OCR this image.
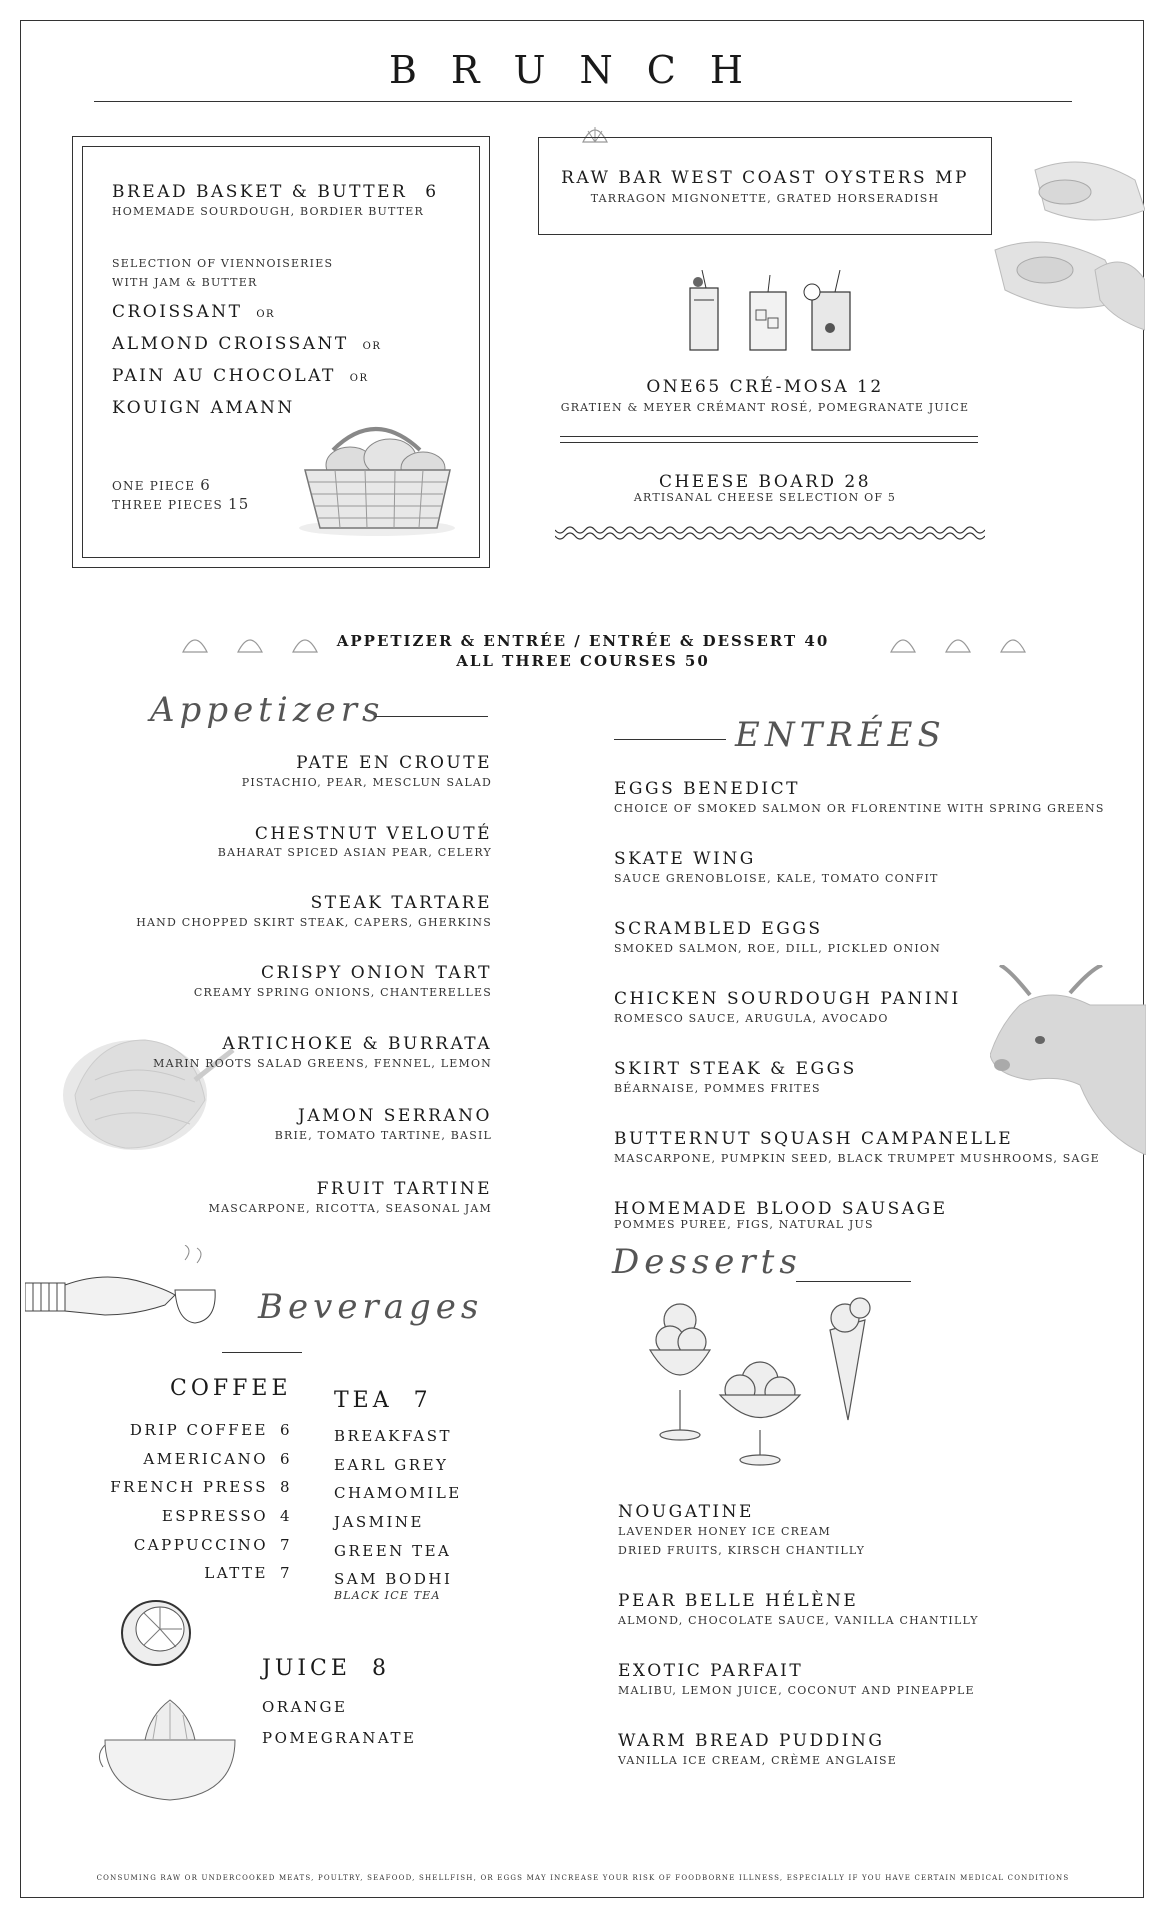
BRUNCH
BREAD BASKET & BUTTER 6
HOMEMADE SOURDOUGH, BORDIER BUTTER
SELECTION OF VIENNOISERIES
WITH JAM & BUTTER
CROISSANT OR
ALMOND CROISSANT OR
PAIN AU CHOCOLAT OR
KOUIGN AMANN
ONE PIECE 6
THREE PIECES 15
RAW BAR WEST COAST OYSTERS MP
TARRAGON MIGNONETTE, GRATED HORSERADISH
ONE65 CRÉ-MOSA 12
GRATIEN & MEYER CRÉMANT ROSÉ, POMEGRANATE JUICE
CHEESE BOARD 28
ARTISANAL CHEESE SELECTION OF 5
APPETIZER & ENTRÉE / ENTRÉE & DESSERT 40
ALL THREE COURSES 50
Appetizers
PATE EN CROUTE
PISTACHIO, PEAR, MESCLUN SALAD
CHESTNUT VELOUTÉ
BAHARAT SPICED ASIAN PEAR, CELERY
STEAK TARTARE
HAND CHOPPED SKIRT STEAK, CAPERS, GHERKINS
CRISPY ONION TART
CREAMY SPRING ONIONS, CHANTERELLES
ARTICHOKE & BURRATA
MARIN ROOTS SALAD GREENS, FENNEL, LEMON
JAMON SERRANO
BRIE, TOMATO TARTINE, BASIL
FRUIT TARTINE
MASCARPONE, RICOTTA, SEASONAL JAM
ENTRÉES
EGGS BENEDICT
CHOICE OF SMOKED SALMON OR FLORENTINE WITH SPRING GREENS
SKATE WING
SAUCE GRENOBLOISE, KALE, TOMATO CONFIT
SCRAMBLED EGGS
SMOKED SALMON, ROE, DILL, PICKLED ONION
CHICKEN SOURDOUGH PANINI
ROMESCO SAUCE, ARUGULA, AVOCADO
SKIRT STEAK & EGGS
BÉARNAISE, POMMES FRITES
BUTTERNUT SQUASH CAMPANELLE
MASCARPONE, PUMPKIN SEED, BLACK TRUMPET MUSHROOMS, SAGE
HOMEMADE BLOOD SAUSAGE
POMMES PUREE, FIGS, NATURAL JUS
Desserts
NOUGATINE
LAVENDER HONEY ICE CREAM
DRIED FRUITS, KIRSCH CHANTILLY
PEAR BELLE HÉLÈNE
ALMOND, CHOCOLATE SAUCE, VANILLA CHANTILLY
EXOTIC PARFAIT
MALIBU, LEMON JUICE, COCONUT AND PINEAPPLE
WARM BREAD PUDDING
VANILLA ICE CREAM, CRÈME ANGLAISE
Beverages
COFFEE
DRIP COFFEE 6
AMERICANO 6
FRENCH PRESS 8
ESPRESSO 4
CAPPUCCINO 7
LATTE 7
TEA 7
BREAKFAST
EARL GREY
CHAMOMILE
JASMINE
GREEN TEA
SAM BODHI
BLACK ICE TEA
JUICE 8
ORANGE
POMEGRANATE
CONSUMING RAW OR UNDERCOOKED MEATS, POULTRY, SEAFOOD, SHELLFISH, OR EGGS MAY INCREASE YOUR RISK OF FOODBORNE ILLNESS, ESPECIALLY IF YOU HAVE CERTAIN MEDICAL CONDITIONS
